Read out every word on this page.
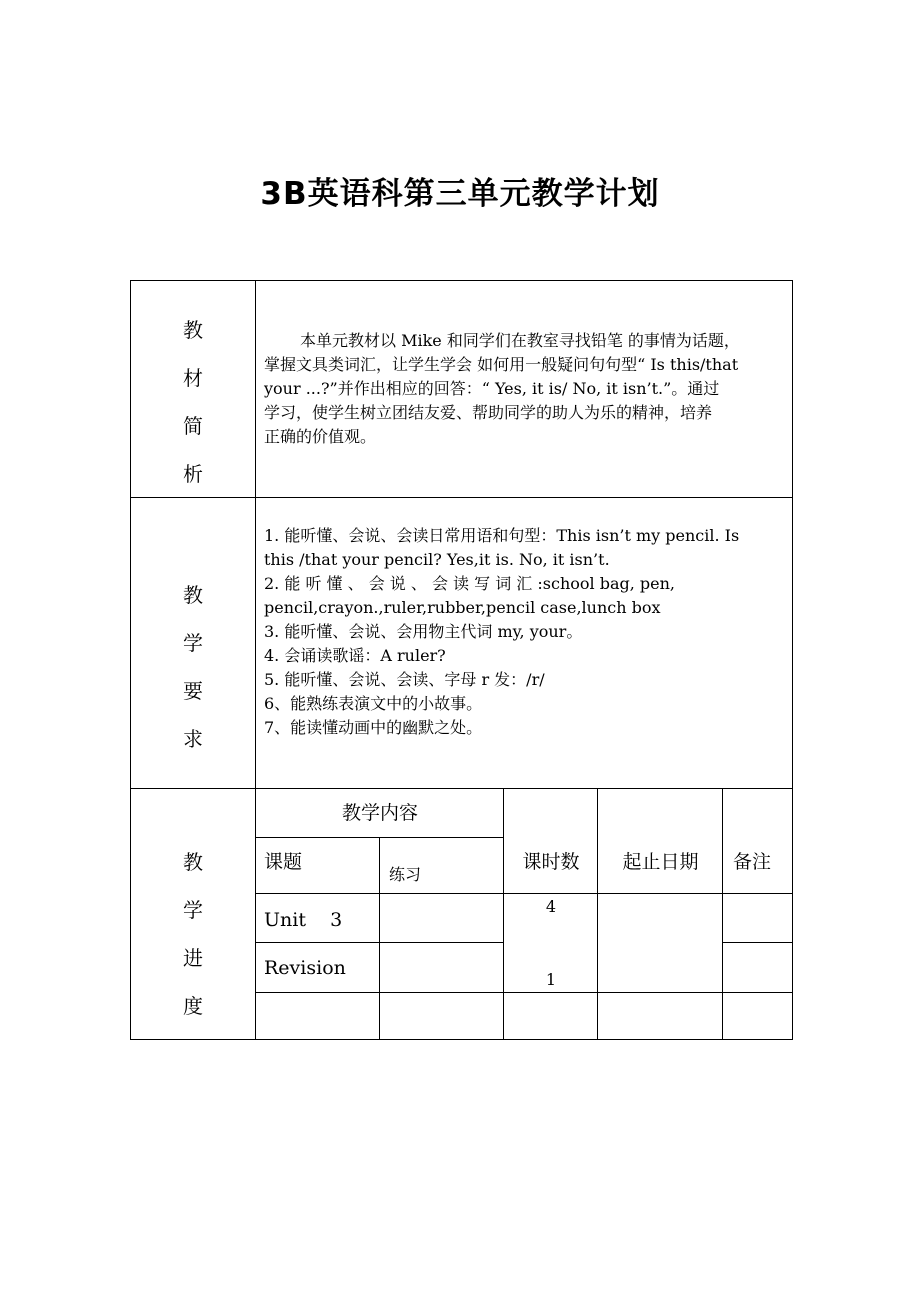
3B英语科第三单元教学计划
教
材
简
析
本单元教材以 Mike 和同学们在教室寻找铅笔 的事情为话题，
掌握文具类词汇，让学生学会 如何用一般疑问句句型“ Is this/that
your ...?”并作出相应的回答：“ Yes, it is/ No, it isn’t.”。通过
学习，使学生树立团结友爱、帮助同学的助人为乐的精神，培养
正确的价值观。
教
学
要
求
1. 能听懂、会说、会读日常用语和句型：This isn’t my pencil. Is
this /that your pencil? Yes,it is. No, it isn’t.
2. 能 听 懂 、 会 说 、 会 读 写 词 汇 :school bag, pen,
pencil,crayon.,ruler,rubber,pencil case,lunch box
3. 能听懂、会说、会用物主代词 my, your。
4. 会诵读歌谣：A ruler?
5. 能听懂、会说、会读、字母 r 发：/r/
6、能熟练表演文中的小故事。
7、能读懂动画中的幽默之处。
教
学
进
度
教学内容
课题
练习
课时数	起止日期	备注
Unit    3
4
Revision
1
